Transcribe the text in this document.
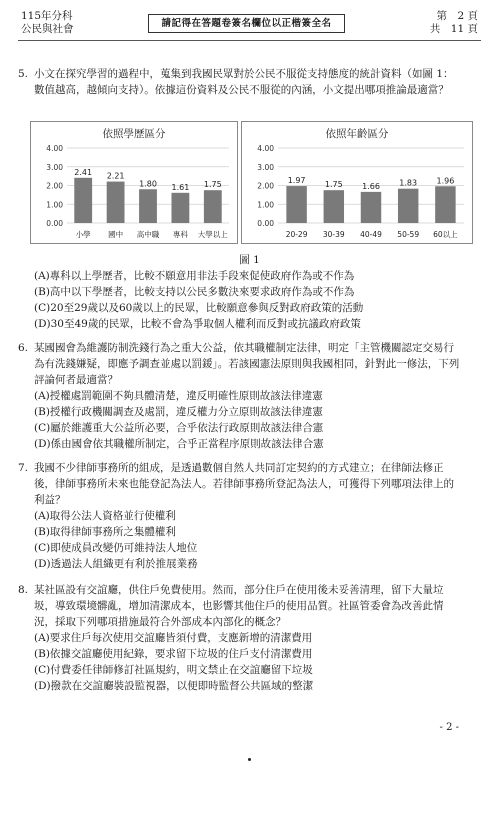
115年分科
公民與社會	請記得在答題卷簽名欄位以正楷簽全名
第　2 頁
共　11 頁
5. 小文在探究學習的過程中，蒐集到我國民眾對於公民不服從支持態度的統計資料（如圖 1：數值越高，越傾向支持）。依據這份資料及公民不服從的內涵，小文提出哪項推論最適當？
依照學歷區分
0.00
1.00
2.00
3.00
4.00
2.41
小學
2.21
國中
1.80
高中職
1.61
專科
1.75
大學以上
依照年齡區分
0.00
1.00
2.00
3.00
4.00
1.97
20-29
1.75
30-39
1.66
40-49
1.83
50-59
1.96
60以上
圖 1
(A)專科以上學歷者，比較不願意用非法手段來促使政府作為或不作為
(B)高中以下學歷者，比較支持以公民多數決來要求政府作為或不作為
(C)20至29歲以及60歲以上的民眾，比較願意參與反對政府政策的活動
(D)30至49歲的民眾，比較不會為爭取個人權利而反對或抗議政府政策
6. 某國國會為維護防制洗錢行為之重大公益，依其職權制定法律，明定「主管機關認定交易行為有洗錢嫌疑，即應予調查並處以罰鍰」。若該國憲法原則與我國相同，針對此一修法，下列評論何者最適當？
(A)授權處罰範圍不夠具體清楚，違反明確性原則故該法律違憲
(B)授權行政機關調查及處罰，違反權力分立原則故該法律違憲
(C)屬於維護重大公益所必要，合乎依法行政原則故該法律合憲
(D)係由國會依其職權所制定，合乎正當程序原則故該法律合憲
7. 我國不少律師事務所的組成，是透過數個自然人共同訂定契約的方式建立；在律師法修正後，律師事務所未來也能登記為法人。若律師事務所登記為法人，可獲得下列哪項法律上的利益？
(A)取得公法人資格並行使權利
(B)取得律師事務所之集體權利
(C)即使成員改變仍可維持法人地位
(D)透過法人組織更有利於推展業務
8. 某社區設有交誼廳，供住戶免費使用。然而，部分住戶在使用後未妥善清理，留下大量垃圾，導致環境髒亂，增加清潔成本，也影響其他住戶的使用品質。社區管委會為改善此情況，採取下列哪項措施最符合外部成本內部化的概念？
(A)要求住戶每次使用交誼廳皆須付費，支應新增的清潔費用
(B)依據交誼廳使用紀錄，要求留下垃圾的住戶支付清潔費用
(C)付費委任律師修訂社區規約，明文禁止在交誼廳留下垃圾
(D)撥款在交誼廳裝設監視器，以便即時監督公共區域的整潔
- 2 -
